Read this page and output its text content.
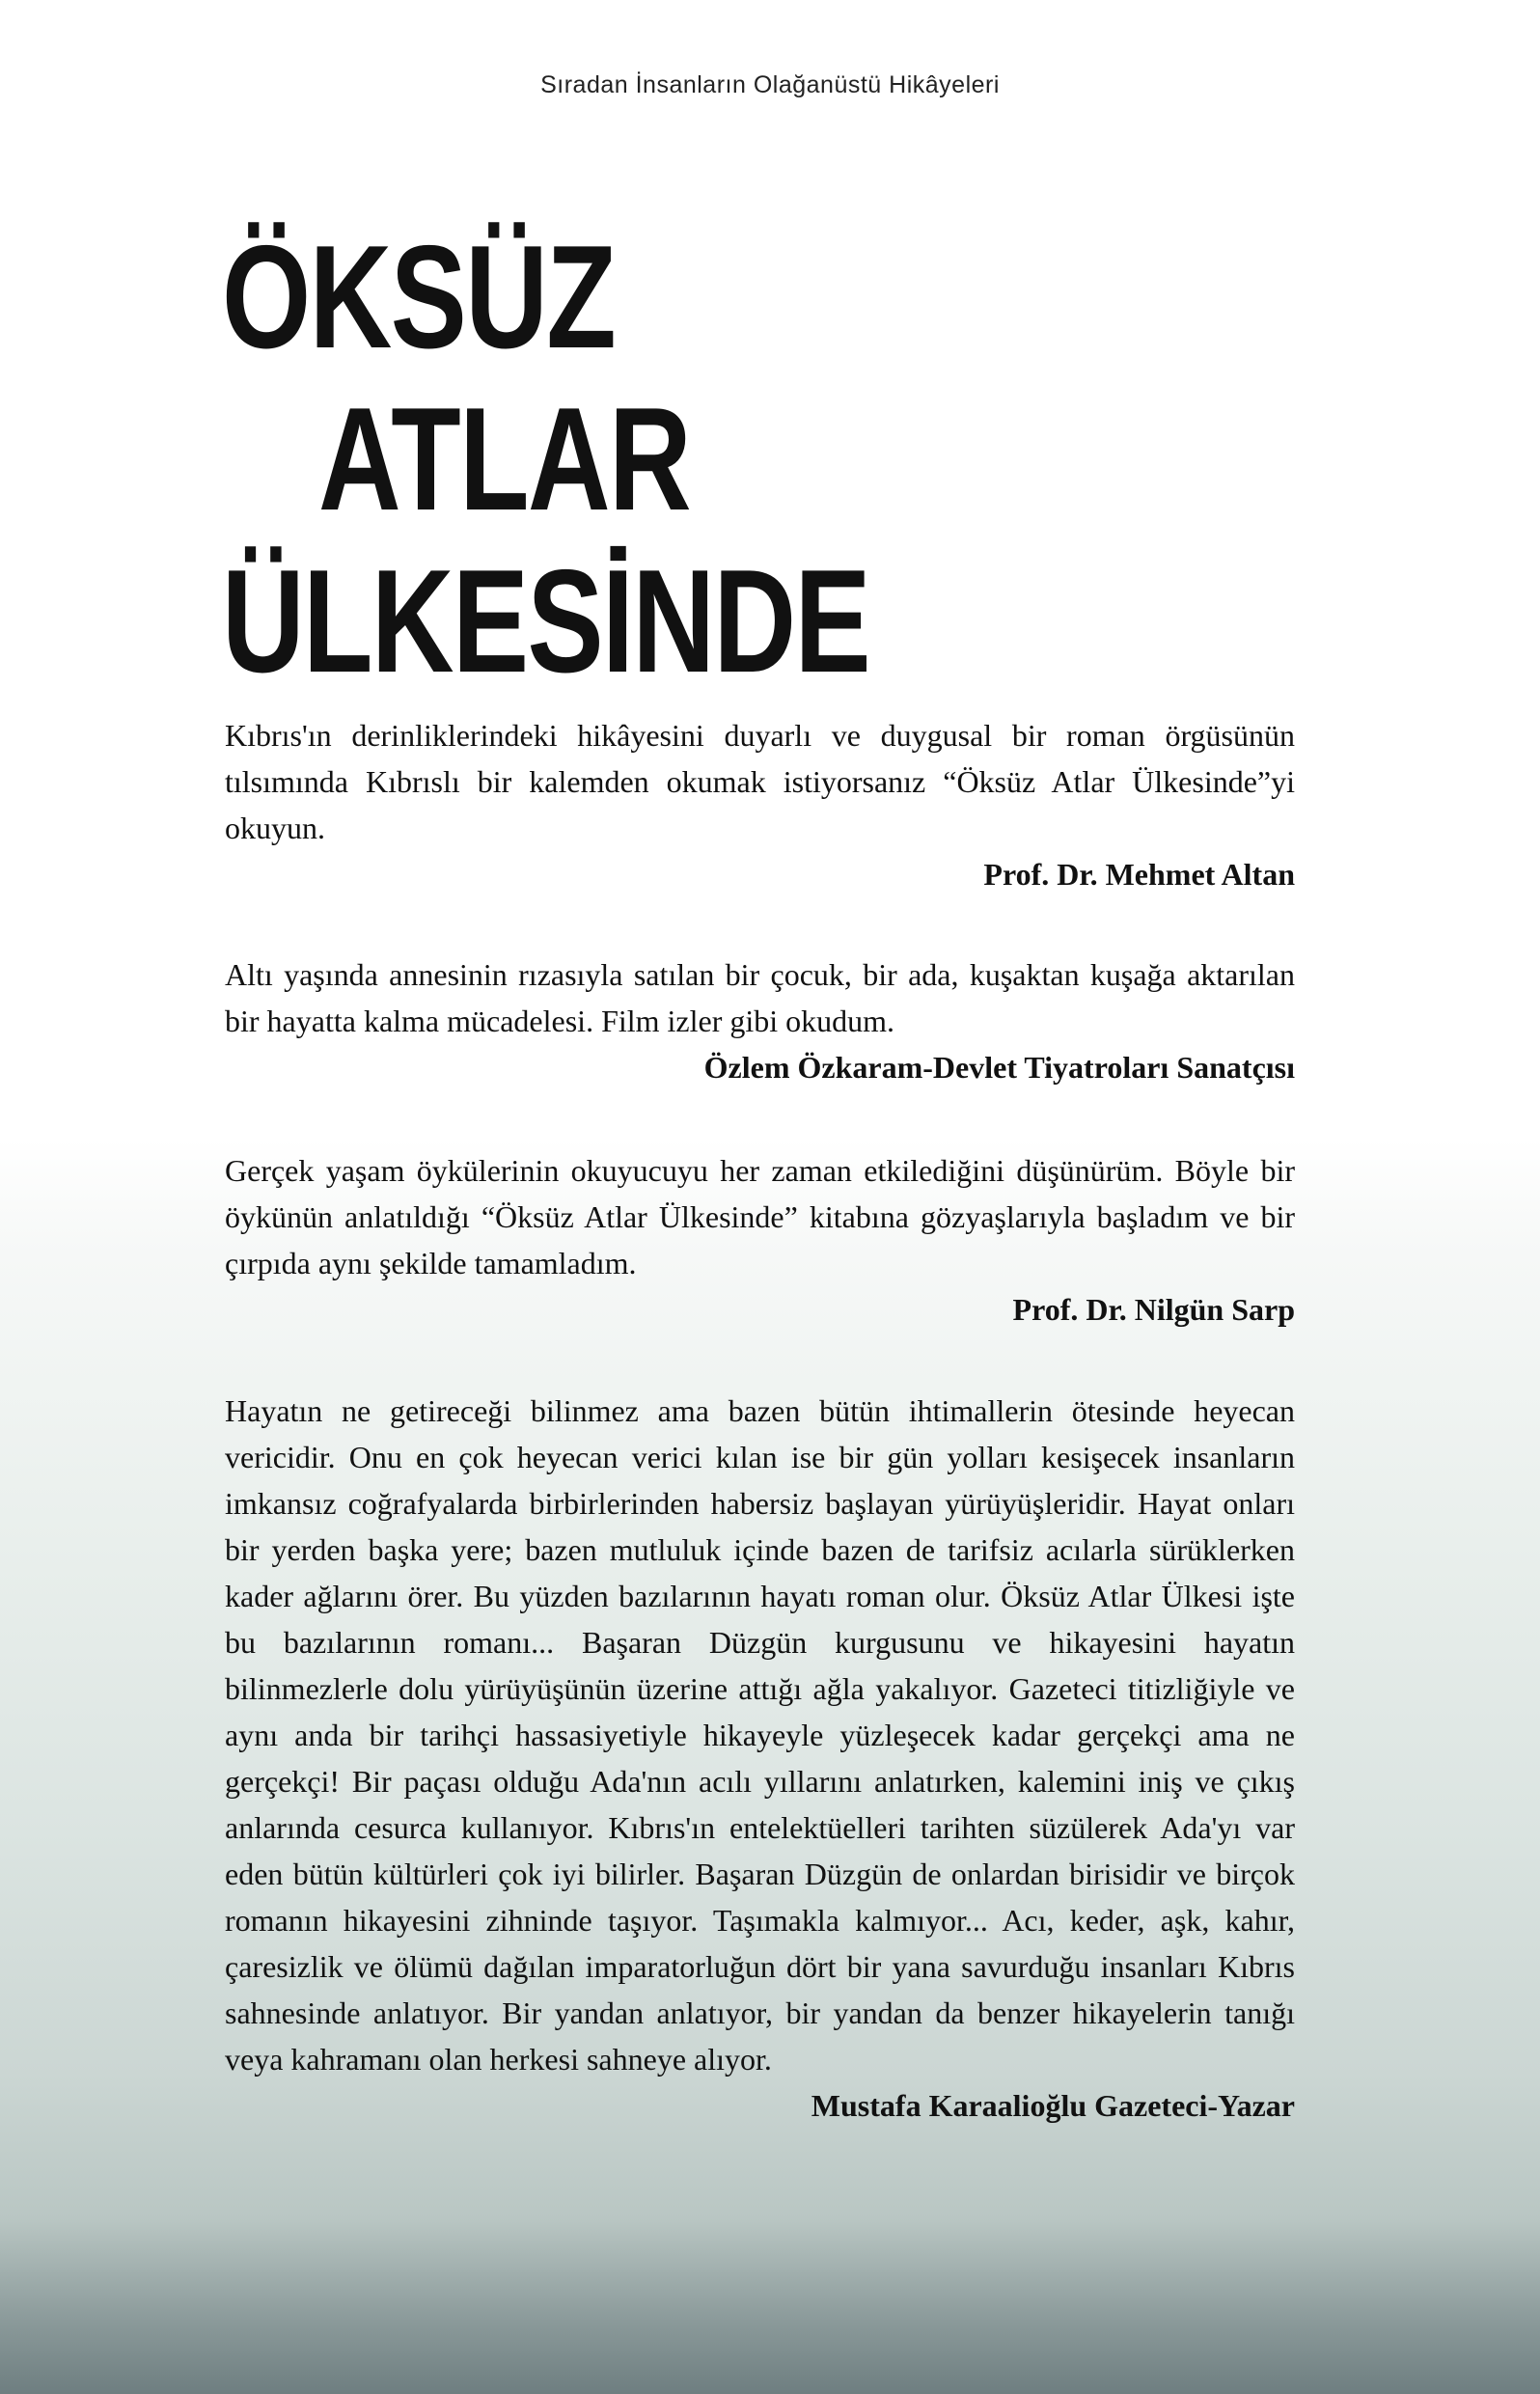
Sıradan İnsanların Olağanüstü Hikâyeleri
ÖKSÜZ
ATLAR
ÜLKESİNDE

Kıbrıs'ın derinliklerindeki hikâyesini duyarlı ve duygusal bir roman örgüsünün tılsımında Kıbrıslı bir kalemden okumak istiyorsanız “Öksüz Atlar Ülkesinde”yi okuyun.

Prof. Dr. Mehmet Altan

Altı yaşında annesinin rızasıyla satılan bir çocuk, bir ada, kuşaktan kuşağa aktarılan bir hayatta kalma mücadelesi. Film izler gibi okudum.

Özlem Özkaram-Devlet Tiyatroları Sanatçısı

Gerçek yaşam öykülerinin okuyucuyu her zaman etkilediğini düşünürüm. Böyle bir öykünün anlatıldığı “Öksüz Atlar Ülkesinde” kitabına gözyaşlarıyla başladım ve bir çırpıda aynı şekilde tamamladım.

Prof. Dr. Nilgün Sarp

Hayatın ne getireceği bilinmez ama bazen bütün ihtimallerin ötesinde heyecan vericidir. Onu en çok heyecan verici kılan ise bir gün yolları kesişecek insanların imkansız coğrafyalarda birbirlerinden habersiz başlayan yürüyüşleridir. Hayat onları bir yerden başka yere; bazen mutluluk içinde bazen de tarifsiz acılarla sürüklerken kader ağlarını örer. Bu yüzden bazılarının hayatı roman olur. Öksüz Atlar Ülkesi işte bu bazılarının romanı... Başaran Düzgün kurgusunu ve hikayesini hayatın bilinmezlerle dolu yürüyüşünün üzerine attığı ağla yakalıyor. Gazeteci titizliğiyle ve aynı anda bir tarihçi hassasiyetiyle hikayeyle yüzleşecek kadar gerçekçi ama ne gerçekçi! Bir paçası olduğu Ada'nın acılı yıllarını anlatırken, kalemini iniş ve çıkış anlarında cesurca kullanıyor. Kıbrıs'ın entelektüelleri tarihten süzülerek Ada'yı var eden bütün kültürleri çok iyi bilirler. Başaran Düzgün de onlardan birisidir ve birçok romanın hikayesini zihninde taşıyor. Taşımakla kalmıyor... Acı, keder, aşk, kahır, çaresizlik ve ölümü dağılan imparatorluğun dört bir yana savurduğu insanları Kıbrıs sahnesinde anlatıyor. Bir yandan anlatıyor, bir yandan da benzer hikayelerin tanığı veya kahramanı olan herkesi sahneye alıyor.

Mustafa Karaalioğlu Gazeteci-Yazar
